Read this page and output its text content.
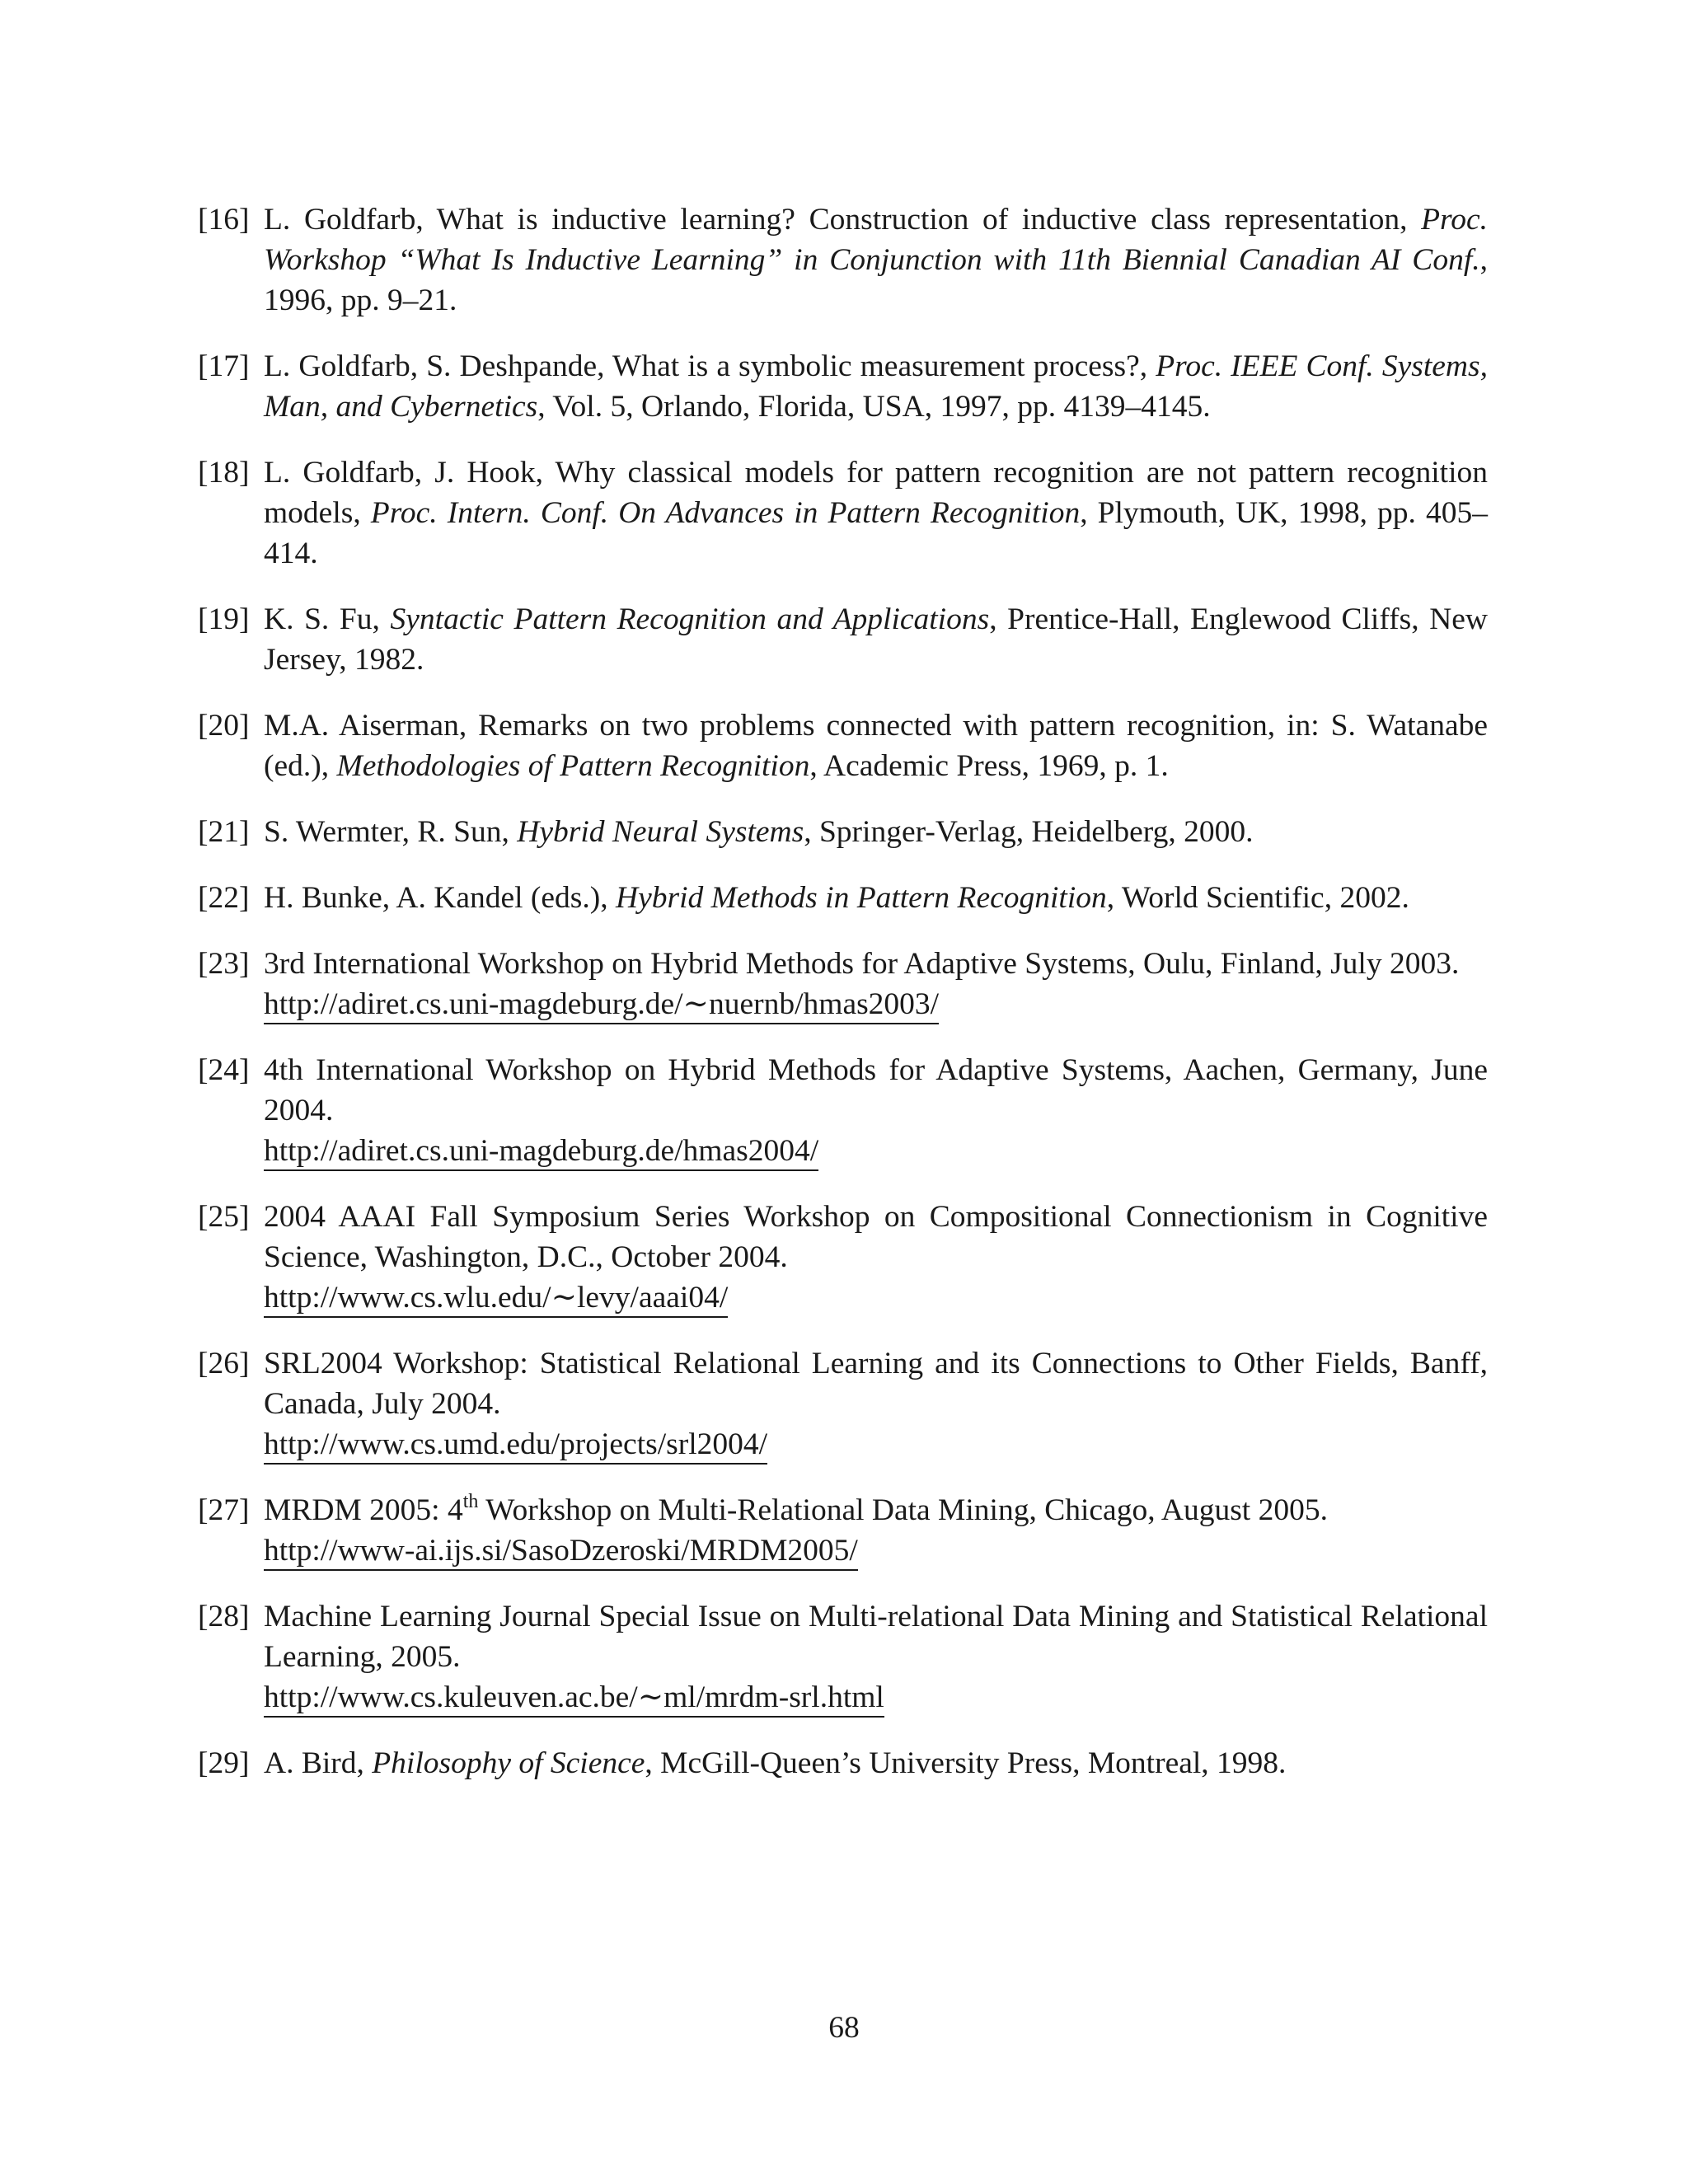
[16] L. Goldfarb, What is inductive learning? Construction of inductive class representation, Proc. Workshop “What Is Inductive Learning” in Conjunction with 11th Biennial Canadian AI Conf., 1996, pp. 9–21.
[17] L. Goldfarb, S. Deshpande, What is a symbolic measurement process?, Proc. IEEE Conf. Systems, Man, and Cybernetics, Vol. 5, Orlando, Florida, USA, 1997, pp. 4139–4145.
[18] L. Goldfarb, J. Hook, Why classical models for pattern recognition are not pattern recognition models, Proc. Intern. Conf. On Advances in Pattern Recognition, Plymouth, UK, 1998, pp. 405–414.
[19] K. S. Fu, Syntactic Pattern Recognition and Applications, Prentice-Hall, Englewood Cliffs, New Jersey, 1982.
[20] M.A. Aiserman, Remarks on two problems connected with pattern recognition, in: S. Watanabe (ed.), Methodologies of Pattern Recognition, Academic Press, 1969, p. 1.
[21] S. Wermter, R. Sun, Hybrid Neural Systems, Springer-Verlag, Heidelberg, 2000.
[22] H. Bunke, A. Kandel (eds.), Hybrid Methods in Pattern Recognition, World Scientific, 2002.
[23] 3rd International Workshop on Hybrid Methods for Adaptive Systems, Oulu, Finland, July 2003.
http://adiret.cs.uni-magdeburg.de/∼nuernb/hmas2003/
[24] 4th International Workshop on Hybrid Methods for Adaptive Systems, Aachen, Germany, June 2004.
http://adiret.cs.uni-magdeburg.de/hmas2004/
[25] 2004 AAAI Fall Symposium Series Workshop on Compositional Connectionism in Cognitive Science, Washington, D.C., October 2004.
http://www.cs.wlu.edu/∼levy/aaai04/
[26] SRL2004 Workshop: Statistical Relational Learning and its Connections to Other Fields, Banff, Canada, July 2004.
http://www.cs.umd.edu/projects/srl2004/
[27] MRDM 2005: 4th Workshop on Multi-Relational Data Mining, Chicago, August 2005.
http://www-ai.ijs.si/SasoDzeroski/MRDM2005/
[28] Machine Learning Journal Special Issue on Multi-relational Data Mining and Statistical Relational Learning, 2005.
http://www.cs.kuleuven.ac.be/∼ml/mrdm-srl.html
[29] A. Bird, Philosophy of Science, McGill-Queen’s University Press, Montreal, 1998.
68
